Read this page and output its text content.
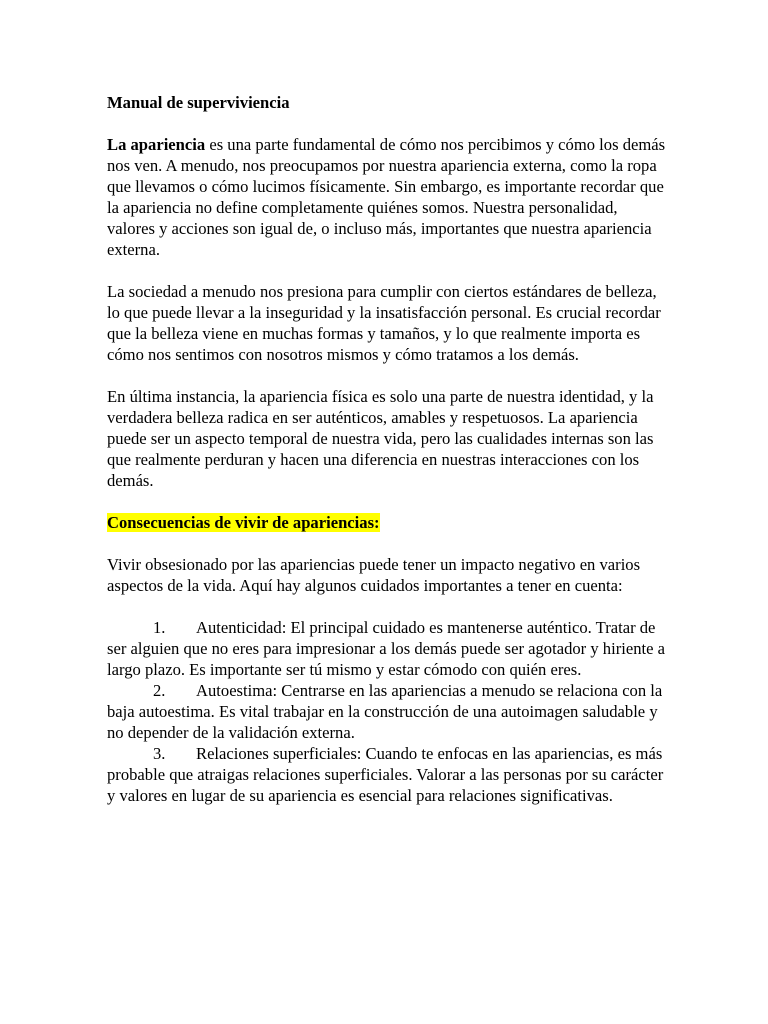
Manual de superviviencia

La apariencia es una parte fundamental de cómo nos percibimos y cómo los demás nos ven. A menudo, nos preocupamos por nuestra apariencia externa, como la ropa que llevamos o cómo lucimos físicamente. Sin embargo, es importante recordar que la apariencia no define completamente quiénes somos. Nuestra personalidad, valores y acciones son igual de, o incluso más, importantes que nuestra apariencia externa.

La sociedad a menudo nos presiona para cumplir con ciertos estándares de belleza, lo que puede llevar a la inseguridad y la insatisfacción personal. Es crucial recordar que la belleza viene en muchas formas y tamaños, y lo que realmente importa es cómo nos sentimos con nosotros mismos y cómo tratamos a los demás.

En última instancia, la apariencia física es solo una parte de nuestra identidad, y la verdadera belleza radica en ser auténticos, amables y respetuosos. La apariencia puede ser un aspecto temporal de nuestra vida, pero las cualidades internas son las que realmente perduran y hacen una diferencia en nuestras interacciones con los demás.

Consecuencias de vivir de apariencias:

Vivir obsesionado por las apariencias puede tener un impacto negativo en varios aspectos de la vida. Aquí hay algunos cuidados importantes a tener en cuenta:

1. Autenticidad: El principal cuidado es mantenerse auténtico. Tratar de ser alguien que no eres para impresionar a los demás puede ser agotador y hiriente a largo plazo. Es importante ser tú mismo y estar cómodo con quién eres.

2. Autoestima: Centrarse en las apariencias a menudo se relaciona con la baja autoestima. Es vital trabajar en la construcción de una autoimagen saludable y no depender de la validación externa.

3. Relaciones superficiales: Cuando te enfocas en las apariencias, es más probable que atraigas relaciones superficiales. Valorar a las personas por su carácter y valores en lugar de su apariencia es esencial para relaciones significativas.
